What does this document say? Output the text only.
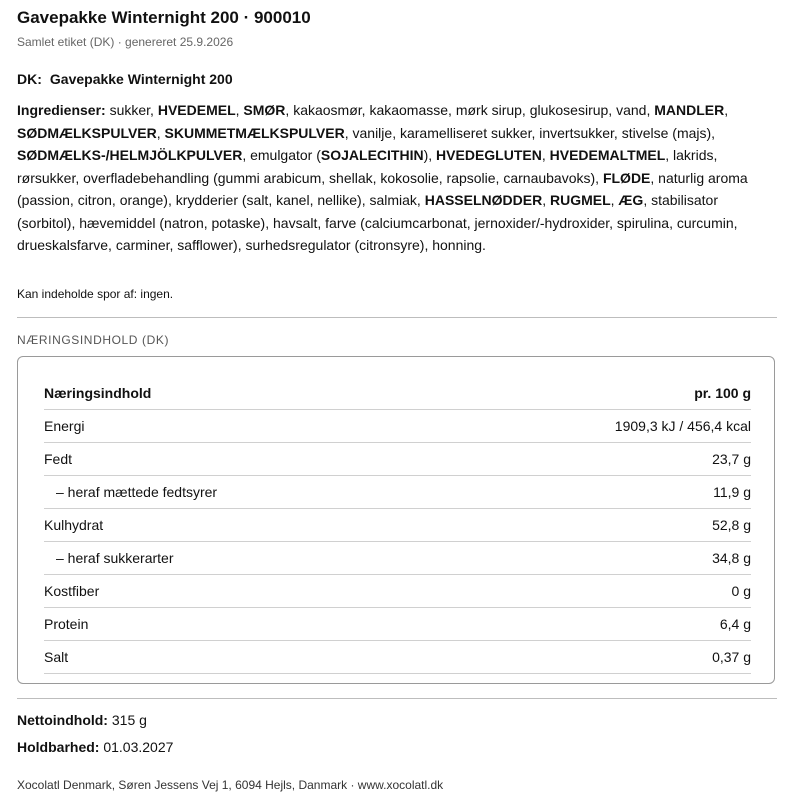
Gavepakke Winternight 200 · 900010
Samlet etiket (DK) · genereret 25.9.2026
DK: Gavepakke Winternight 200
Ingredienser: sukker, HVEDEMEL, SMØR, kakaosmør, kakaomasse, mørk sirup, glukosesirup, vand, MANDLER, SØDMÆLKSPULVER, SKUMMETMÆLKSPULVER, vanilje, karamelliseret sukker, invertsukker, stivelse (majs), SØDMÆLKS-/HELMJÖLKPULVER, emulgator (SOJALECITHIN), HVEDEGLUTEN, HVEDEMALTMEL, lakrids, rørsukker, overfladebehandling (gummi arabicum, shellak, kokosolie, rapsolie, carnaubavoks), FLØDE, naturlig aroma (passion, citron, orange), krydderier (salt, kanel, nellike), salmiak, HASSELNØDDER, RUGMEL, ÆG, stabilisator (sorbitol), hævemiddel (natron, potaske), havsalt, farve (calciumcarbonat, jernoxider/-hydroxider, spirulina, curcumin, drueskalsfarve, carminer, safflower), surhedsregulator (citronsyre), honning.
Kan indeholde spor af: ingen.
NÆRINGSINDHOLD (DK)
Næringsindhold	pr. 100 g
Energi	1909,3 kJ / 456,4 kcal
Fedt	23,7 g
– heraf mættede fedtsyrer	11,9 g
Kulhydrat	52,8 g
– heraf sukkerarter	34,8 g
Kostfiber	0 g
Protein	6,4 g
Salt	0,37 g
Nettoindhold: 315 g
Holdbarhed: 01.03.2027
Xocolatl Denmark, Søren Jessens Vej 1, 6094 Hejls, Danmark · www.xocolatl.dk
